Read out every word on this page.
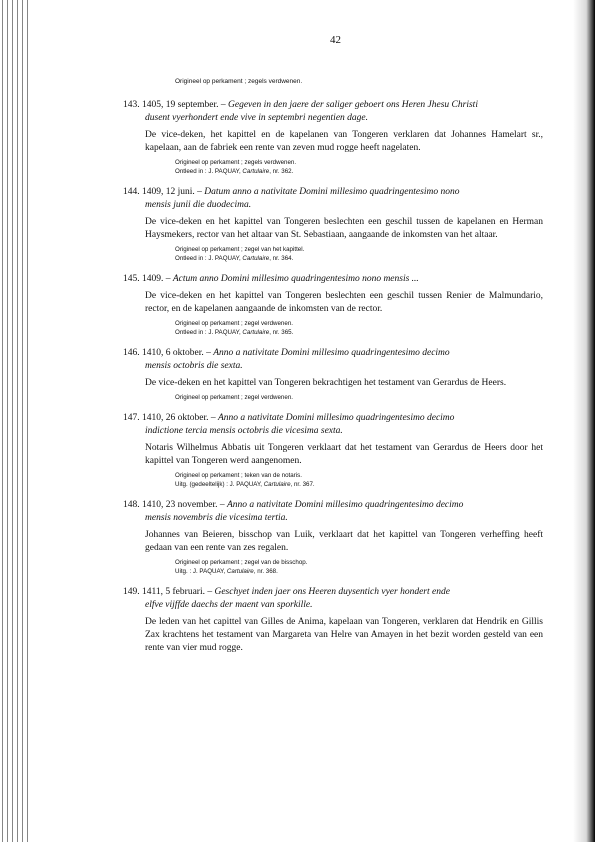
42
Origineel op perkament ; zegels verdwenen.
143. 1405, 19 september. – Gegeven in den jaere der saliger geboert ons Heren Jhesu Christi
dusent vyerhondert ende vive in septembri negentien dage.
De vice-deken, het kapittel en de kapelanen van Tongeren verklaren dat Johannes Hamelart sr., kapelaan, aan de fabriek een rente van zeven mud rogge heeft nagelaten.
Origineel op perkament ; zegels verdwenen.
Ontleed in : J. PAQUAY, Cartulaire, nr. 362.
144. 1409, 12 juni. – Datum anno a nativitate Domini millesimo quadringentesimo nono
mensis junii die duodecima.
De vice-deken en het kapittel van Tongeren beslechten een geschil tussen de kapelanen en Herman Haysmekers, rector van het altaar van St. Sebastiaan, aangaande de inkomsten van het altaar.
Origineel op perkament ; zegel van het kapittel.
Ontleed in : J. PAQUAY, Cartulaire, nr. 364.
145. 1409. – Actum anno Domini millesimo quadringentesimo nono mensis ...
De vice-deken en het kapittel van Tongeren beslechten een geschil tussen Renier de Malmundario, rector, en de kapelanen aangaande de inkomsten van de rector.
Origineel op perkament ; zegel verdwenen.
Ontleed in : J. PAQUAY, Cartulaire, nr. 365.
146. 1410, 6 oktober. – Anno a nativitate Domini millesimo quadringentesimo decimo
mensis octobris die sexta.
De vice-deken en het kapittel van Tongeren bekrachtigen het testament van Gerardus de Heers.
Origineel op perkament ; zegel verdwenen.
147. 1410, 26 oktober. – Anno a nativitate Domini millesimo quadringentesimo decimo
indictione tercia mensis octobris die vicesima sexta.
Notaris Wilhelmus Abbatis uit Tongeren verklaart dat het testament van Gerardus de Heers door het kapittel van Tongeren werd aangenomen.
Origineel op perkament ; teken van de notaris.
Uitg. (gedeeltelijk) : J. PAQUAY, Cartulaire, nr. 367.
148. 1410, 23 november. – Anno a nativitate Domini millesimo quadringentesimo decimo
mensis novembris die vicesima tertia.
Johannes van Beieren, bisschop van Luik, verklaart dat het kapittel van Tongeren verheffing heeft gedaan van een rente van zes regalen.
Origineel op perkament ; zegel van de bisschop.
Uitg. : J. PAQUAY, Cartulaire, nr. 368.
149. 1411, 5 februari. – Geschyet inden jaer ons Heeren duysentich vyer hondert ende
elfve vijffde daechs der maent van sporkille.
De leden van het capittel van Gilles de Anima, kapelaan van Tongeren, verklaren dat Hendrik en Gillis Zax krachtens het testament van Margareta van Helre van Amayen in het bezit worden gesteld van een rente van vier mud rogge.
